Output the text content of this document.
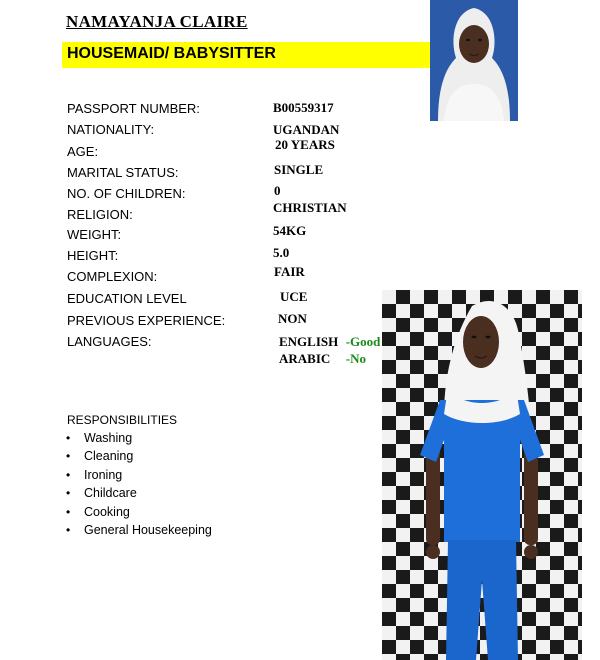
NAMAYANJA CLAIRE
HOUSEMAID/ BABYSITTER
PASSPORT NUMBER:
NATIONALITY:
AGE:
MARITAL STATUS:
NO. OF CHILDREN:
RELIGION:
WEIGHT:
HEIGHT:
COMPLEXION:
EDUCATION LEVEL
PREVIOUS EXPERIENCE:
LANGUAGES:
B00559317
UGANDAN
20 YEARS
SINGLE
0
CHRISTIAN
54KG
5.0
FAIR
UCE
NON
ENGLISH -Good
ARABIC -No
RESPONSIBILITIES
• Washing
• Cleaning
• Ironing
• Childcare
• Cooking
• General Housekeeping
